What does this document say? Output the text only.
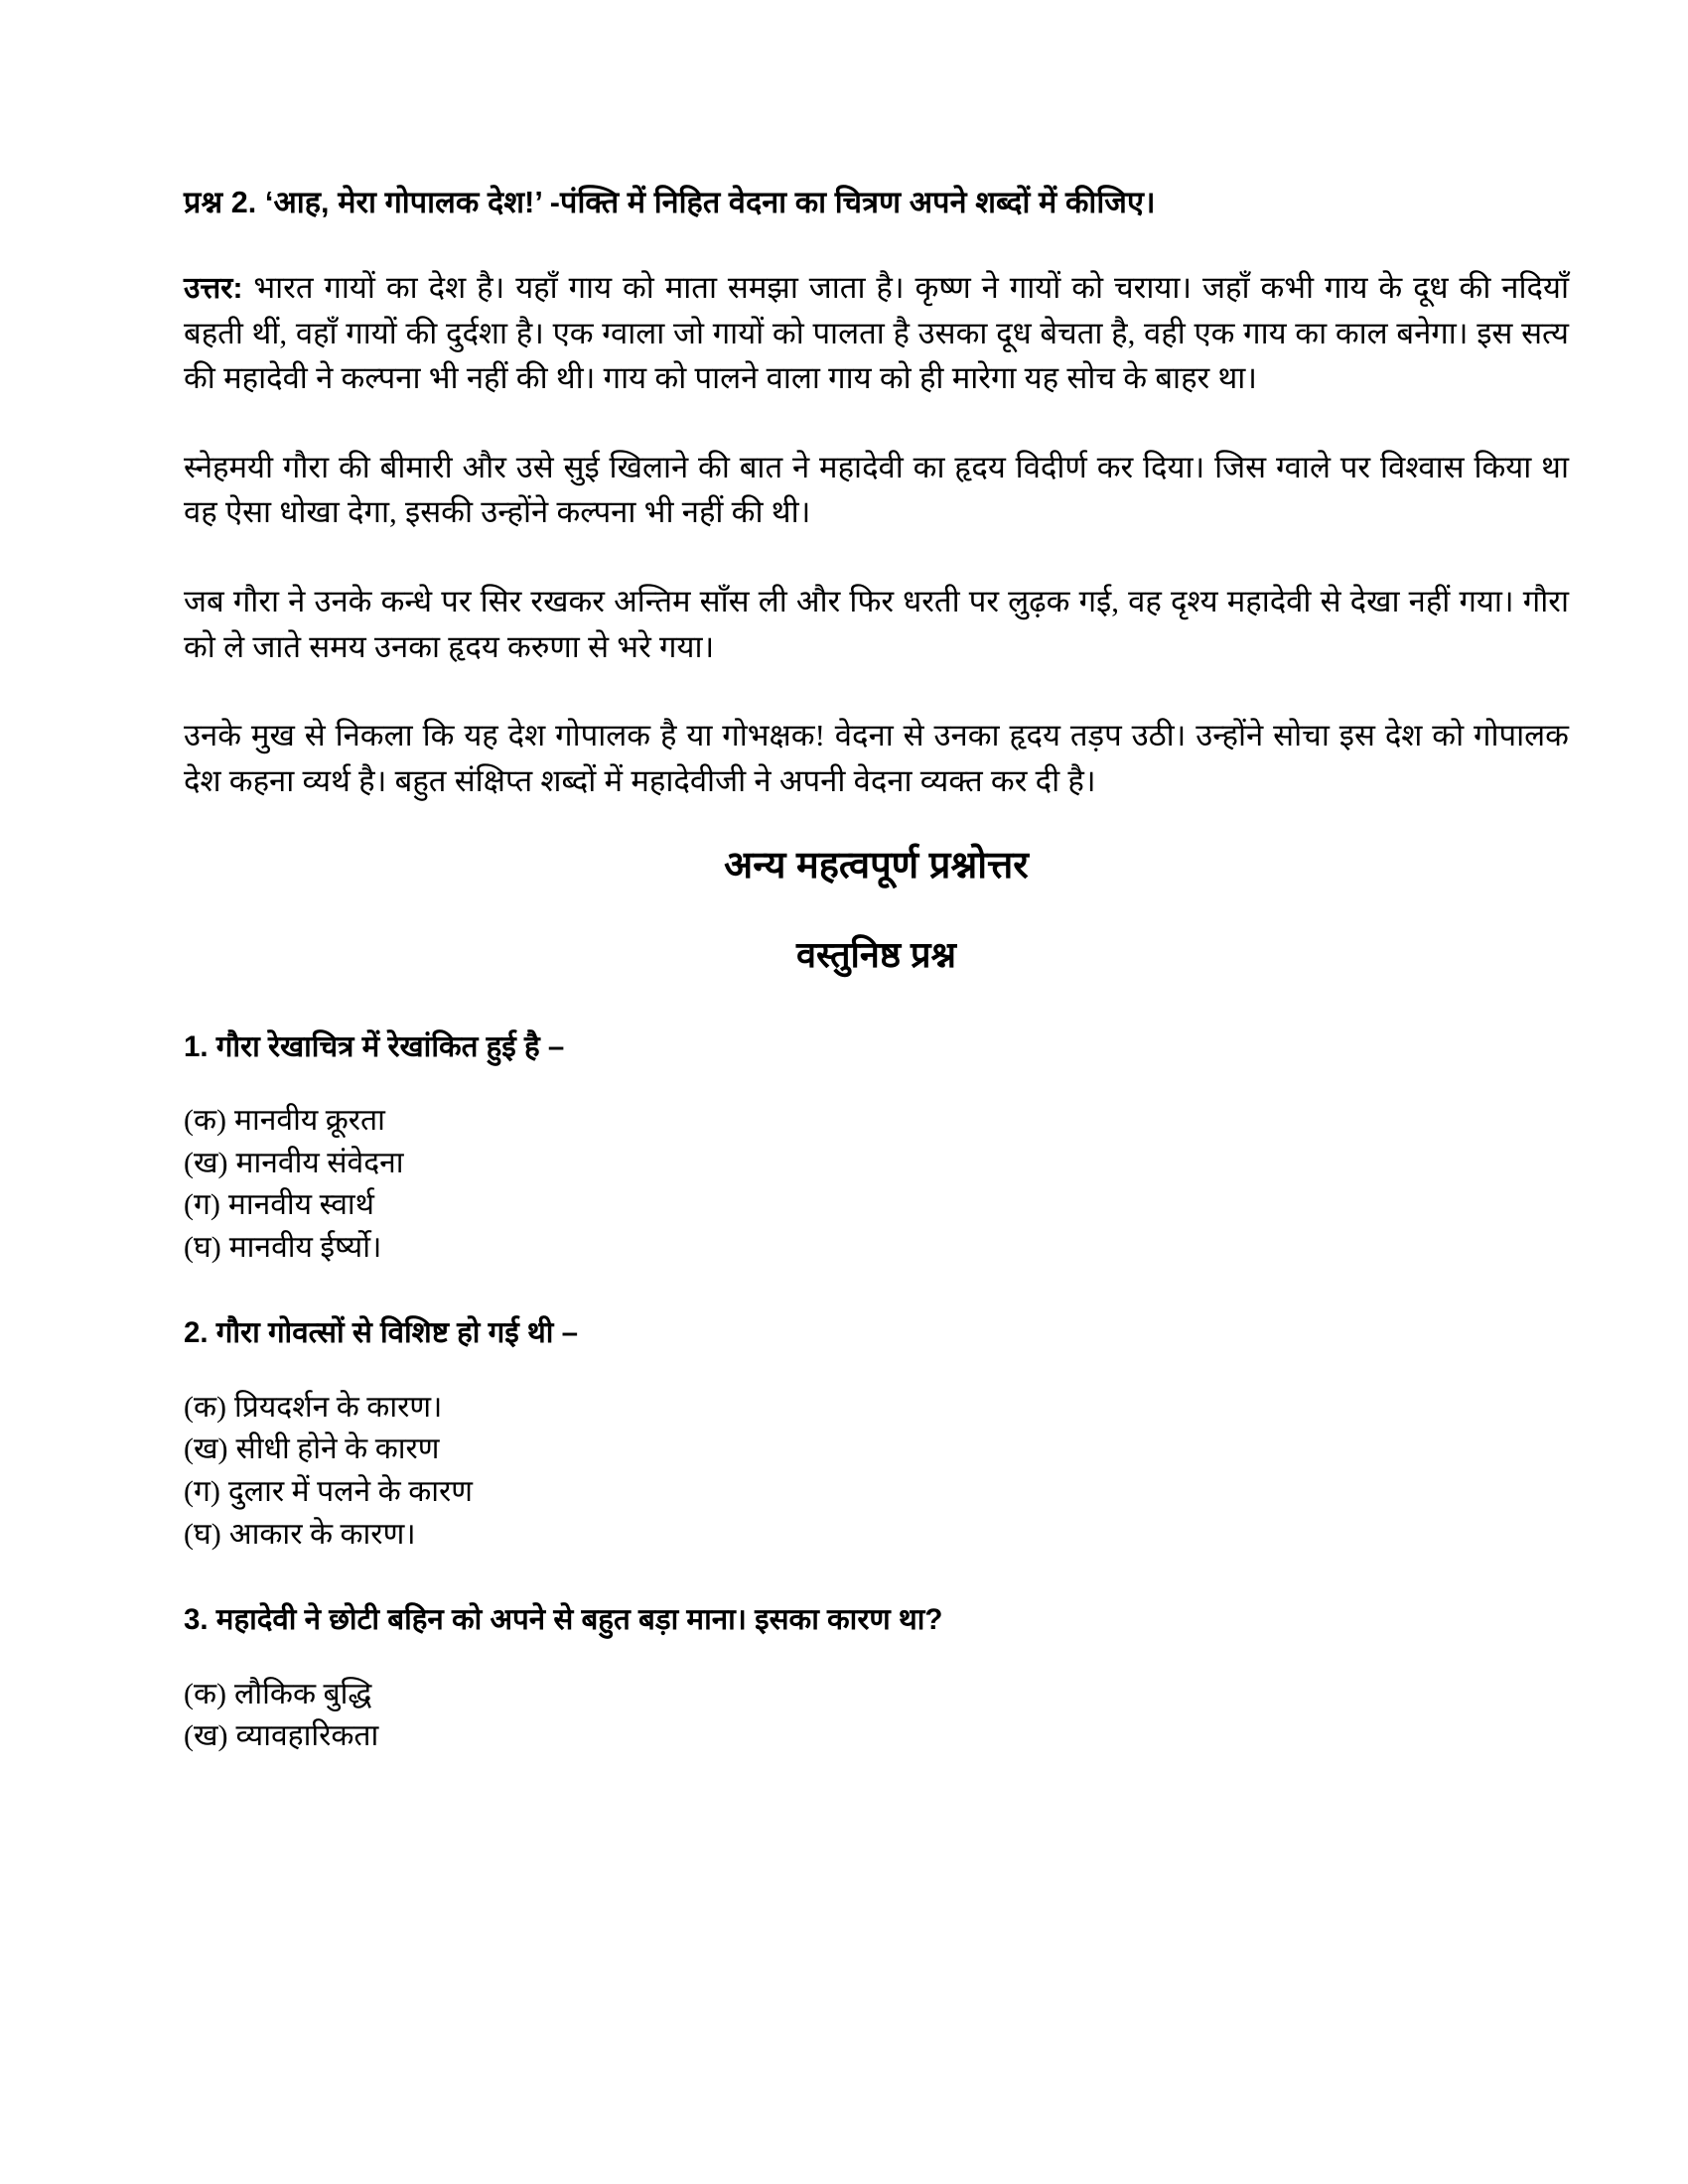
प्रश्न 2. ‘आह, मेरा गोपालक देश!’ -पंक्ति में निहित वेदना का चित्रण अपने शब्दों में कीजिए।

उत्तर: भारत गायों का देश है। यहाँ गाय को माता समझा जाता है। कृष्ण ने गायों को चराया। जहाँ कभी गाय के दूध की नदियाँ बहती थीं, वहाँ गायों की दुर्दशा है। एक ग्वाला जो गायों को पालता है उसका दूध बेचता है, वही एक गाय का काल बनेगा। इस सत्य की महादेवी ने कल्पना भी नहीं की थी। गाय को पालने वाला गाय को ही मारेगा यह सोच के बाहर था।

स्नेहमयी गौरा की बीमारी और उसे सुई खिलाने की बात ने महादेवी का हृदय विदीर्ण कर दिया। जिस ग्वाले पर विश्वास किया था वह ऐसा धोखा देगा, इसकी उन्होंने कल्पना भी नहीं की थी।

जब गौरा ने उनके कन्धे पर सिर रखकर अन्तिम साँस ली और फिर धरती पर लुढ़क गई, वह दृश्य महादेवी से देखा नहीं गया। गौरा को ले जाते समय उनका हृदय करुणा से भरे गया।

उनके मुख से निकला कि यह देश गोपालक है या गोभक्षक! वेदना से उनका हृदय तड़प उठी। उन्होंने सोचा इस देश को गोपालक देश कहना व्यर्थ है। बहुत संक्षिप्त शब्दों में महादेवीजी ने अपनी वेदना व्यक्त कर दी है।

अन्य महत्वपूर्ण प्रश्नोत्तर
वस्तुनिष्ठ प्रश्न

1. गौरा रेखाचित्र में रेखांकित हुई है –

(क) मानवीय क्रूरता
(ख) मानवीय संवेदना
(ग) मानवीय स्वार्थ
(घ) मानवीय ईर्ष्यो।

2. गौरा गोवत्सों से विशिष्ट हो गई थी –

(क) प्रियदर्शन के कारण।
(ख) सीधी होने के कारण
(ग) दुलार में पलने के कारण
(घ) आकार के कारण।

3. महादेवी ने छोटी बहिन को अपने से बहुत बड़ा माना। इसका कारण था?

(क) लौकिक बुद्धि
(ख) व्यावहारिकता
